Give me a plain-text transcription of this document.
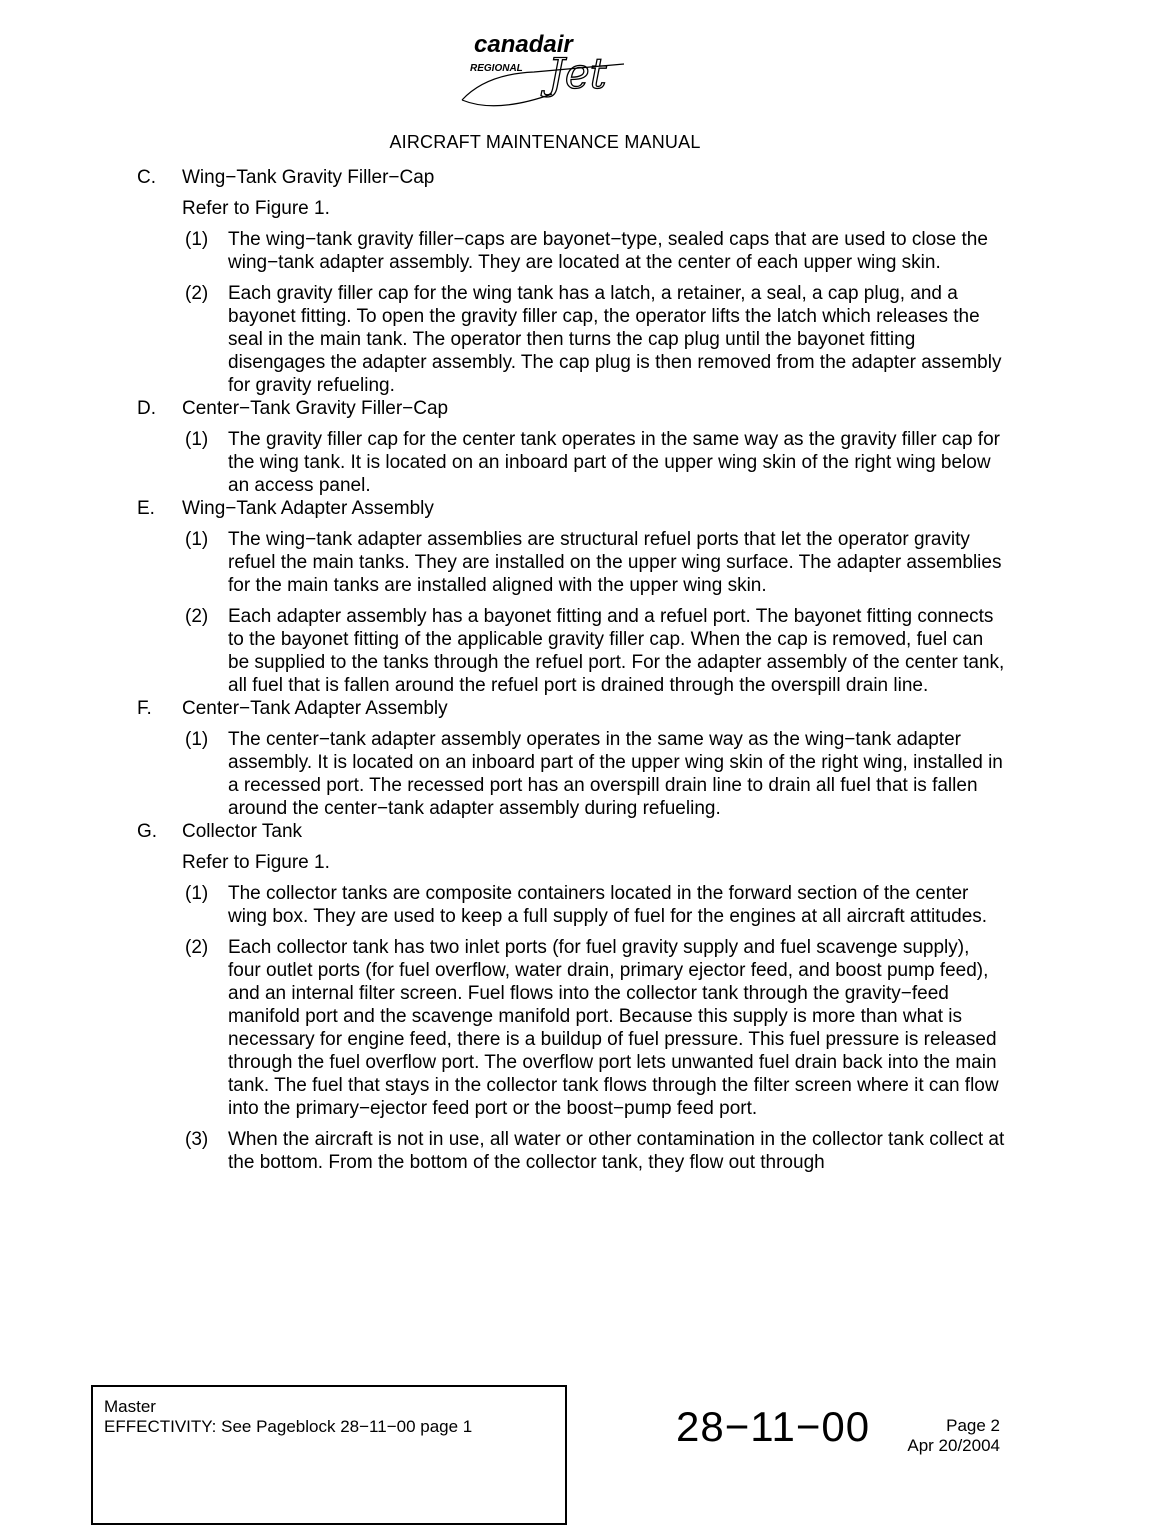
canadair
REGIONAL Jet
AIRCRAFT MAINTENANCE MANUAL
C.	Wing−Tank Gravity Filler−Cap
Refer to Figure 1.
(1)	The wing−tank gravity filler−caps are bayonet−type, sealed caps that are used to close the wing−tank adapter assembly. They are located at the center of each upper wing skin.
(2)	Each gravity filler cap for the wing tank has a latch, a retainer, a seal, a cap plug, and a bayonet fitting. To open the gravity filler cap, the operator lifts the latch which releases the seal in the main tank. The operator then turns the cap plug until the bayonet fitting disengages the adapter assembly. The cap plug is then removed from the adapter assembly for gravity refueling.
D.	Center−Tank Gravity Filler−Cap
(1)	The gravity filler cap for the center tank operates in the same way as the gravity filler cap for the wing tank. It is located on an inboard part of the upper wing skin of the right wing below an access panel.
E.	Wing−Tank Adapter Assembly
(1)	The wing−tank adapter assemblies are structural refuel ports that let the operator gravity refuel the main tanks. They are installed on the upper wing surface. The adapter assemblies for the main tanks are installed aligned with the upper wing skin.
(2)	Each adapter assembly has a bayonet fitting and a refuel port. The bayonet fitting connects to the bayonet fitting of the applicable gravity filler cap. When the cap is removed, fuel can be supplied to the tanks through the refuel port. For the adapter assembly of the center tank, all fuel that is fallen around the refuel port is drained through the overspill drain line.
F.	Center−Tank Adapter Assembly
(1)	The center−tank adapter assembly operates in the same way as the wing−tank adapter assembly. It is located on an inboard part of the upper wing skin of the right wing, installed in a recessed port. The recessed port has an overspill drain line to drain all fuel that is fallen around the center−tank adapter assembly during refueling.
G.	Collector Tank
Refer to Figure 1.
(1)	The collector tanks are composite containers located in the forward section of the center wing box. They are used to keep a full supply of fuel for the engines at all aircraft attitudes.
(2)	Each collector tank has two inlet ports (for fuel gravity supply and fuel scavenge supply), four outlet ports (for fuel overflow, water drain, primary ejector feed, and boost pump feed), and an internal filter screen. Fuel flows into the collector tank through the gravity−feed manifold port and the scavenge manifold port. Because this supply is more than what is necessary for engine feed, there is a buildup of fuel pressure. This fuel pressure is released through the fuel overflow port. The overflow port lets unwanted fuel drain back into the main tank. The fuel that stays in the collector tank flows through the filter screen where it can flow into the primary−ejector feed port or the boost−pump feed port.
(3)	When the aircraft is not in use, all water or other contamination in the collector tank collect at the bottom. From the bottom of the collector tank, they flow out through
Master
EFFECTIVITY: See Pageblock 28−11−00 page 1	28−11−00	Page 2
Apr 20/2004
